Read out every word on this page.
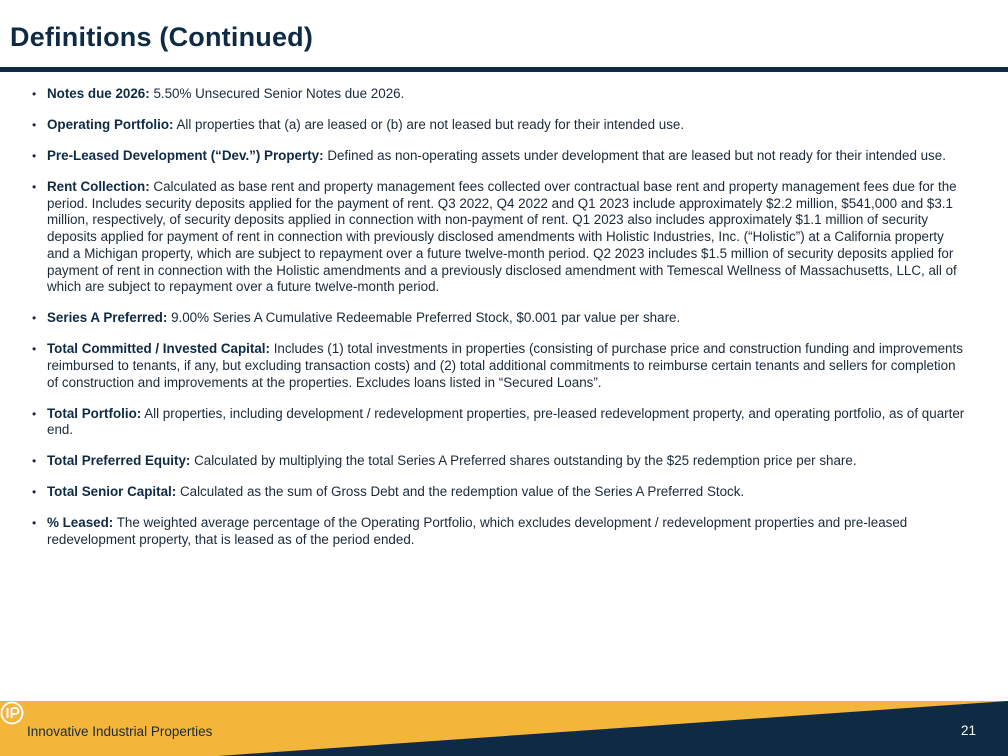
Definitions (Continued)
• Notes due 2026: 5.50% Unsecured Senior Notes due 2026.
• Operating Portfolio: All properties that (a) are leased or (b) are not leased but ready for their intended use.
• Pre-Leased Development (“Dev.”) Property: Defined as non-operating assets under development that are leased but not ready for their intended use.
• Rent Collection: Calculated as base rent and property management fees collected over contractual base rent and property management fees due for the period. Includes security deposits applied for the payment of rent. Q3 2022, Q4 2022 and Q1 2023 include approximately $2.2 million, $541,000 and $3.1 million, respectively, of security deposits applied in connection with non-payment of rent. Q1 2023 also includes approximately $1.1 million of security deposits applied for payment of rent in connection with previously disclosed amendments with Holistic Industries, Inc. (“Holistic”) at a California property and a Michigan property, which are subject to repayment over a future twelve-month period. Q2 2023 includes $1.5 million of security deposits applied for payment of rent in connection with the Holistic amendments and a previously disclosed amendment with Temescal Wellness of Massachusetts, LLC, all of which are subject to repayment over a future twelve-month period.
• Series A Preferred: 9.00% Series A Cumulative Redeemable Preferred Stock, $0.001 par value per share.
• Total Committed / Invested Capital: Includes (1) total investments in properties (consisting of purchase price and construction funding and improvements reimbursed to tenants, if any, but excluding transaction costs) and (2) total additional commitments to reimburse certain tenants and sellers for completion of construction and improvements at the properties. Excludes loans listed in “Secured Loans”.
• Total Portfolio: All properties, including development / redevelopment properties, pre-leased redevelopment property, and operating portfolio, as of quarter end.
• Total Preferred Equity: Calculated by multiplying the total Series A Preferred shares outstanding by the $25 redemption price per share.
• Total Senior Capital: Calculated as the sum of Gross Debt and the redemption value of the Series A Preferred Stock.
• % Leased: The weighted average percentage of the Operating Portfolio, which excludes development / redevelopment properties and pre-leased redevelopment property, that is leased as of the period ended.
Innovative Industrial Properties	21
